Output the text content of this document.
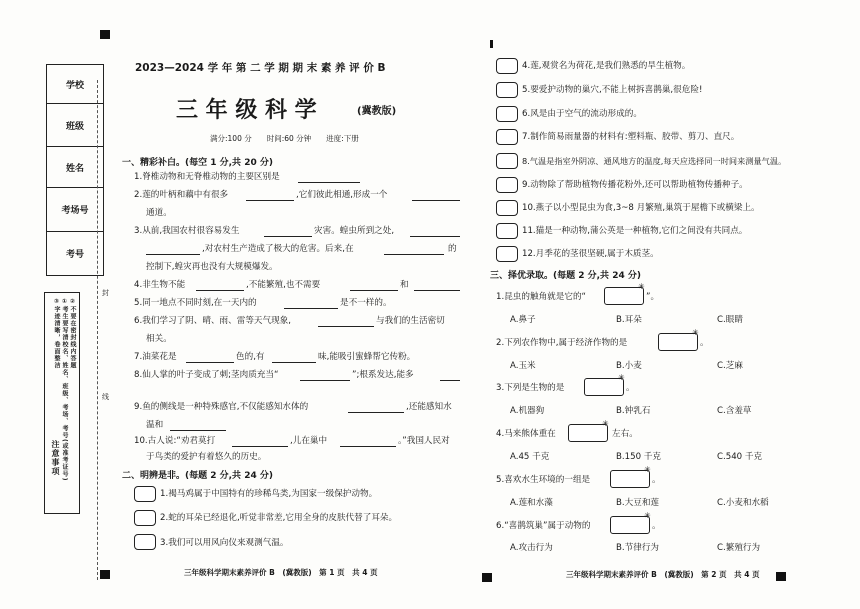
学校
班级
姓名
考场号
考号
注意事项 ①考生要写清校名、姓名、班级、考场、考号(或准考证号) ②不要在密封线内答题
③字迹清晰，卷面整洁
封
线
2023—2024 学 年 第 二 学 期 期 末 素 养 评 价 B
三 年 级 科 学	(冀教版)
满分:100 分　　时间:60 分钟　　进度:下册
一、精彩补白。(每空 1 分,共 20 分)
1.脊椎动物和无脊椎动物的主要区别是
2.莲的叶柄和藕中有很多	,它们彼此相通,形成一个
通道。
3.从前,我国农村很容易发生	灾害。蝗虫所到之处,
,对农村生产造成了极大的危害。后来,在	的
控制下,蝗灾再也没有大规模爆发。
4.非生物不能	,不能繁殖,也不需要	和
5.同一地点不同时刻,在一天内的	是不一样的。
6.我们学习了阴、晴、雨、雷等天气现象,	与我们的生活密切
相关。
7.油菜花是	色的,有	味,能吸引蜜蜂帮它传粉。
8.仙人掌的叶子变成了刺;茎肉质充当“	”;根系发达,能多
9.鱼的侧线是一种特殊感官,不仅能感知水体的	,还能感知水
温和
10.古人说:“劝君莫打	,儿在巢中	。”我国人民对
于鸟类的爱护有着悠久的历史。
二、明辨是非。(每题 2 分,共 24 分)
1.褐马鸡属于中国特有的珍稀鸟类,为国家一级保护动物。
2.蛇的耳朵已经退化,听觉非常差,它用全身的皮肤代替了耳朵。
3.我们可以用风向仪来观测气温。
三年级科学期末素养评价 B　(冀教版)　第 1 页　共 4 页
4.莲,观赏名为荷花,是我们熟悉的旱生植物。
5.要爱护动物的巢穴,不能上树拆喜鹊巢,很危险!
6.风是由于空气的流动形成的。
7.制作简易雨量器的材料有:塑料瓶、胶带、剪刀、直尺。
8.气温是指室外阴凉、通风地方的温度,每天应选择同一时间来测量气温。
9.动物除了帮助植物传播花粉外,还可以帮助植物传播种子。
10.燕子以小型昆虫为食,3~8 月繁殖,巢筑于屋檐下或横梁上。
11.猫是一种动物,蒲公英是一种植物,它们之间没有共同点。
12.月季花的茎很坚硬,属于木质茎。
三、择优录取。(每题 2 分,共 24 分)
1.昆虫的触角就是它的“
✳
”。
A.鼻子	B.耳朵	C.眼睛
2.下列农作物中,属于经济作物的是
✳
。
A.玉米	B.小麦	C.芝麻
3.下列是生物的是
✳
。
A.机器狗	B.钟乳石	C.含羞草
4.马来熊体重在
✳
左右。
A.45 千克	B.150 千克	C.540 千克
5.喜欢水生环境的一组是
✳
。
A.莲和水藻	B.大豆和莲	C.小麦和水稻
6.“喜鹊筑巢”属于动物的
✳
。
A.攻击行为	B.节律行为	C.繁殖行为
三年级科学期末素养评价 B　(冀教版)　第 2 页　共 4 页
